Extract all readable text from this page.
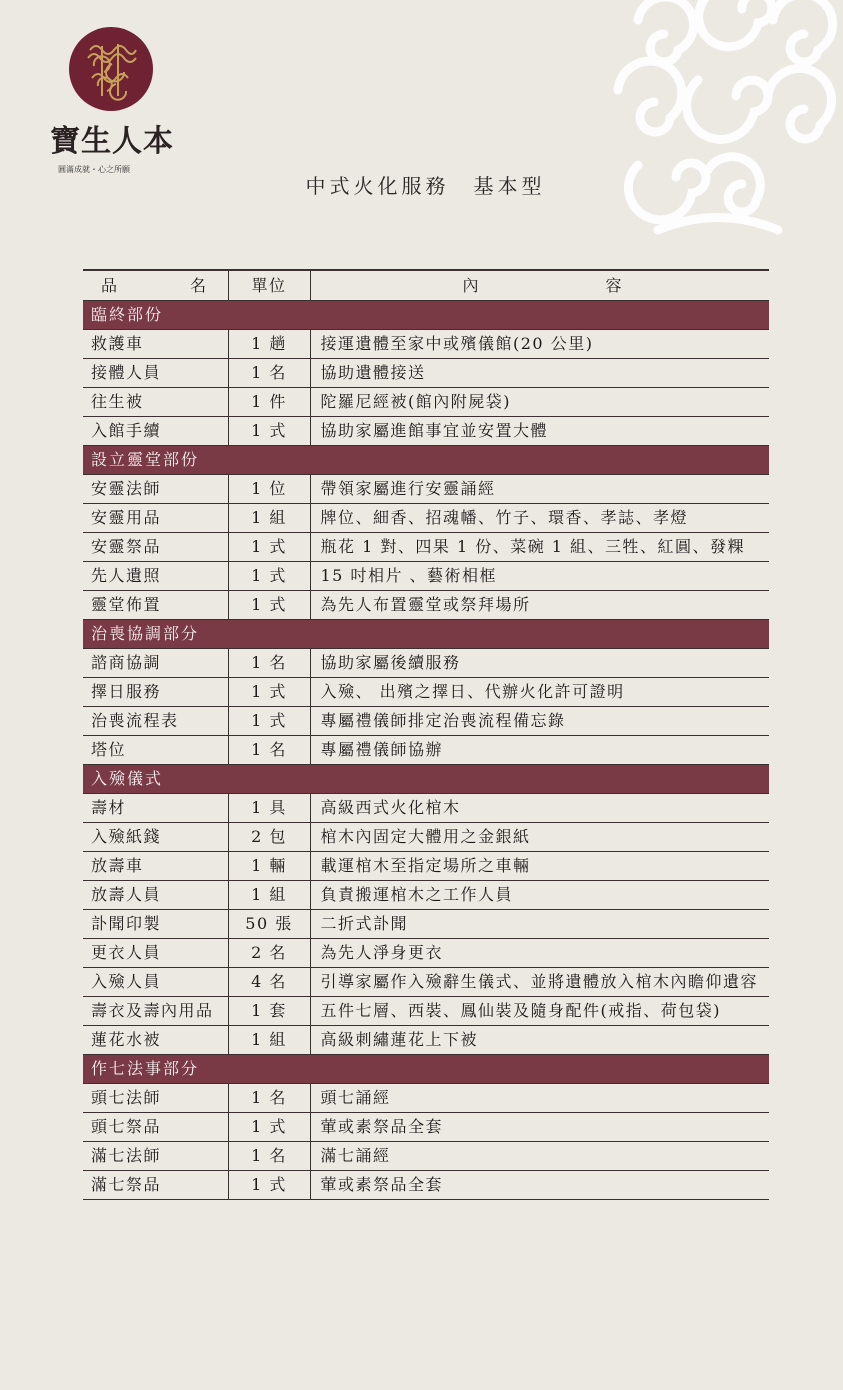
寶生人本
圓滿成就・心之所願
中式火化服務　基本型
品 名	單位	內 容

臨終部份		
救護車	1 趟	接運遺體至家中或殯儀館(20 公里)
接體人員	1 名	協助遺體接送
往生被	1 件	陀羅尼經被(館內附屍袋)
入館手續	1 式	協助家屬進館事宜並安置大體
設立靈堂部份		
安靈法師	1 位	帶領家屬進行安靈誦經
安靈用品	1 組	牌位、細香、招魂幡、竹子、環香、孝誌、孝燈
安靈祭品	1 式	瓶花 1 對、四果 1 份、菜碗 1 組、三牲、紅圓、發粿
先人遺照	1 式	15 吋相片 、藝術相框
靈堂佈置	1 式	為先人布置靈堂或祭拜場所
治喪協調部分		
諮商協調	1 名	協助家屬後續服務
擇日服務	1 式	入殮、 出殯之擇日、代辦火化許可證明
治喪流程表	1 式	專屬禮儀師排定治喪流程備忘錄
塔位	1 名	專屬禮儀師協辦
入殮儀式		
壽材	1 具	高級西式火化棺木
入殮紙錢	2 包	棺木內固定大體用之金銀紙
放壽車	1 輛	載運棺木至指定場所之車輛
放壽人員	1 組	負責搬運棺木之工作人員
訃聞印製	50 張	二折式訃聞
更衣人員	2 名	為先人淨身更衣
入殮人員	4 名	引導家屬作入殮辭生儀式、並將遺體放入棺木內瞻仰遺容
壽衣及壽內用品	1 套	五件七層、西裝、鳳仙裝及隨身配件(戒指、荷包袋)
蓮花水被	1 組	高級刺繡蓮花上下被
作七法事部分		
頭七法師	1 名	頭七誦經
頭七祭品	1 式	葷或素祭品全套
滿七法師	1 名	滿七誦經
滿七祭品	1 式	葷或素祭品全套
